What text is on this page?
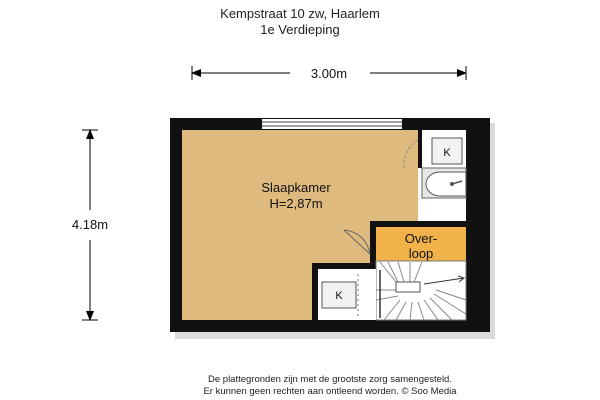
Kempstraat 10 zw, Haarlem
1e Verdieping
3.00m
4.18m
K
Over-
loop
K
Slaapkamer
H=2,87m
De plattegronden zijn met de grootste zorg samengesteld.
Er kunnen geen rechten aan ontleend worden. © Soo Media
